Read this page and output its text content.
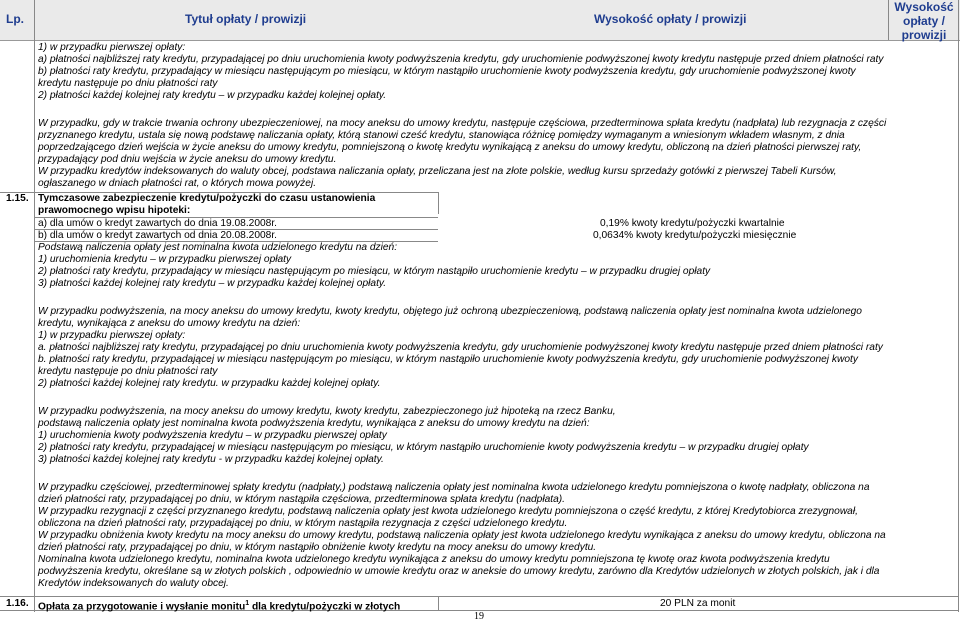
Lp.	Tytuł opłaty / prowizji	Wysokość opłaty / prowizji
Wysokość
opłaty /
prowizji
1) w przypadku pierwszej opłaty:
a) płatności najbliższej raty kredytu, przypadającej po dniu uruchomienia kwoty podwyższenia kredytu, gdy uruchomienie podwyższonej kwoty kredytu następuje przed dniem płatności raty
b) płatności raty kredytu, przypadający w miesiącu następującym po miesiącu, w którym nastąpiło uruchomienie kwoty podwyższenia kredytu, gdy uruchomienie podwyższonej kwoty
kredytu następuje po dniu płatności raty
2) płatności każdej kolejnej raty kredytu – w przypadku każdej kolejnej opłaty.
W przypadku, gdy w trakcie trwania ochrony ubezpieczeniowej, na mocy aneksu do umowy kredytu, następuje częściowa, przedterminowa spłata kredytu (nadpłata) lub rezygnacja z części
przyznanego kredytu, ustala się nową podstawę naliczania opłaty, którą stanowi cześć kredytu, stanowiąca różnicę pomiędzy wymaganym a wniesionym wkładem własnym, z dnia
poprzedzającego dzień wejścia w życie aneksu do umowy kredytu, pomniejszoną o kwotę kredytu wynikającą z aneksu do umowy kredytu, obliczoną na dzień płatności pierwszej raty,
przypadający pod dniu wejścia w życie aneksu do umowy kredytu.
W przypadku kredytów indeksowanych do waluty obcej, podstawa naliczania opłaty, przeliczana jest na złote polskie, według kursu sprzedaży gotówki z pierwszej Tabeli Kursów,
ogłaszanego w dniach płatności rat, o których mowa powyżej.
1.15. Tymczasowe zabezpieczenie kredytu/pożyczki do czasu ustanowienia
prawomocnego wpisu hipoteki:
a) dla umów o kredyt zawartych do dnia 19.08.2008r.	0,19% kwoty kredytu/pożyczki kwartalnie
b) dla umów o kredyt zawartych od dnia 20.08.2008r.	0,0634% kwoty kredytu/pożyczki miesięcznie
Podstawą naliczenia opłaty jest nominalna kwota udzielonego kredytu na dzień:
1) uruchomienia kredytu – w przypadku pierwszej opłaty
2) płatności raty kredytu, przypadający w miesiącu następującym po miesiącu, w którym nastąpiło uruchomienie kredytu – w przypadku drugiej opłaty
3) płatności każdej kolejnej raty kredytu – w przypadku każdej kolejnej opłaty.
W przypadku podwyższenia, na mocy aneksu do umowy kredytu, kwoty kredytu, objętego już ochroną ubezpieczeniową, podstawą naliczenia opłaty jest nominalna kwota udzielonego
kredytu, wynikająca z aneksu do umowy kredytu na dzień:
1) w przypadku pierwszej opłaty:
a. płatności najbliższej raty kredytu, przypadającej po dniu uruchomienia kwoty podwyższenia kredytu, gdy uruchomienie podwyższonej kwoty kredytu następuje przed dniem płatności raty
b. płatności raty kredytu, przypadającej w miesiącu następującym po miesiącu, w którym nastąpiło uruchomienie kwoty podwyższenia kredytu, gdy uruchomienie podwyższonej kwoty
kredytu następuje po dniu płatności raty
2) płatności każdej kolejnej raty kredytu. w przypadku każdej kolejnej opłaty.
W przypadku podwyższenia, na mocy aneksu do umowy kredytu, kwoty kredytu, zabezpieczonego już hipoteką na rzecz Banku,
podstawą naliczenia opłaty jest nominalna kwota podwyższenia kredytu, wynikająca z aneksu do umowy kredytu na dzień:
1) uruchomienia kwoty podwyższenia kredytu – w przypadku pierwszej opłaty
2) płatności raty kredytu, przypadającej w miesiącu następującym po miesiącu, w którym nastąpiło uruchomienie kwoty podwyższenia kredytu – w przypadku drugiej opłaty
3) płatności każdej kolejnej raty kredytu - w przypadku każdej kolejnej opłaty.
W przypadku częściowej, przedterminowej spłaty kredytu (nadpłaty,) podstawą naliczenia opłaty jest nominalna kwota udzielonego kredytu pomniejszona o kwotę nadpłaty, obliczona na
dzień płatności raty, przypadającej po dniu, w którym nastąpiła częściowa, przedterminowa spłata kredytu (nadpłata).
W przypadku rezygnacji z części przyznanego kredytu, podstawą naliczenia opłaty jest kwota udzielonego kredytu pomniejszona o część kredytu, z której Kredytobiorca zrezygnował,
obliczona na dzień płatności raty, przypadającej po dniu, w którym nastąpiła rezygnacja z części udzielonego kredytu.
W przypadku obniżenia kwoty kredytu na mocy aneksu do umowy kredytu, podstawą naliczenia opłaty jest kwota udzielonego kredytu wynikająca z aneksu do umowy kredytu, obliczona na
dzień płatności raty, przypadającej po dniu, w którym nastąpiło obniżenie kwoty kredytu na mocy aneksu do umowy kredytu.
Nominalna kwota udzielonego kredytu, nominalna kwota udzielonego kredytu wynikająca z aneksu do umowy kredytu pomniejszona tę kwotę oraz kwota podwyższenia kredytu
podwyższenia kredytu, określane są w złotych polskich , odpowiednio w umowie kredytu oraz w aneksie do umowy kredytu, zarówno dla Kredytów udzielonych w złotych polskich, jak i dla
Kredytów indeksowanych do waluty obcej.
1.16. Opłata za przygotowanie i wysłanie monitu$^1$ dla kredytu/pożyczki w złotych	20 PLN za monit
19
